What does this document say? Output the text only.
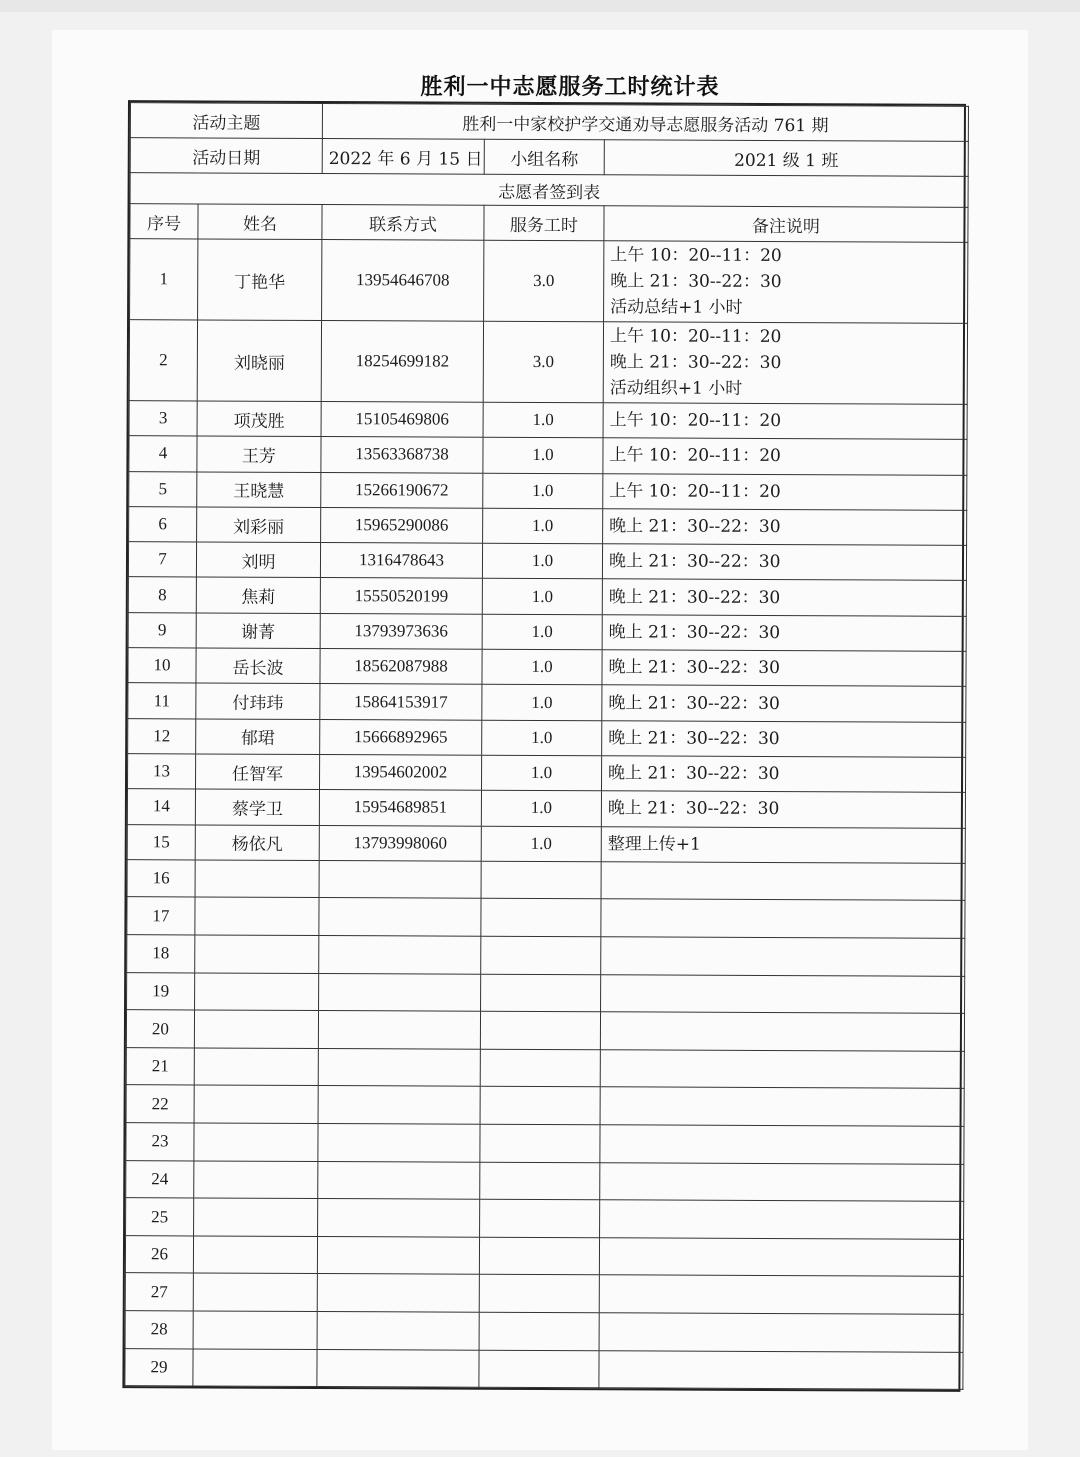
胜利一中志愿服务工时统计表
活动主题		胜利一中家校护学交通劝导志愿服务活动 761 期		
活动日期		2022 年 6 月 15 日	小组名称	2021 级 1 班
志愿者签到表				
序号	姓名	联系方式	服务工时	备注说明
1	丁艳华	13954646708	3.0	上午 10：20--11：20
晚上 21：30--22：30
活动总结+1 小时

2	刘晓丽	18254699182	3.0	上午 10：20--11：20
晚上 21：30--22：30
活动组织+1 小时

3	项茂胜	15105469806	1.0	上午 10：20--11：20

4	王芳	13563368738	1.0	上午 10：20--11：20

5	王晓慧	15266190672	1.0	上午 10：20--11：20

6	刘彩丽	15965290086	1.0	晚上 21：30--22：30

7	刘明	1316478643	1.0	晚上 21：30--22：30

8	焦莉	15550520199	1.0	晚上 21：30--22：30

9	谢菁	13793973636	1.0	晚上 21：30--22：30

10	岳长波	18562087988	1.0	晚上 21：30--22：30

11	付玮玮	15864153917	1.0	晚上 21：30--22：30

12	郁珺	15666892965	1.0	晚上 21：30--22：30

13	任智军	13954602002	1.0	晚上 21：30--22：30

14	蔡学卫	15954689851	1.0	晚上 21：30--22：30

15	杨依凡	13793998060	1.0	整理上传+1

16				
17				
18				
19				
20				
21				
22				
23				
24				
25				
26				
27				
28				
29				
